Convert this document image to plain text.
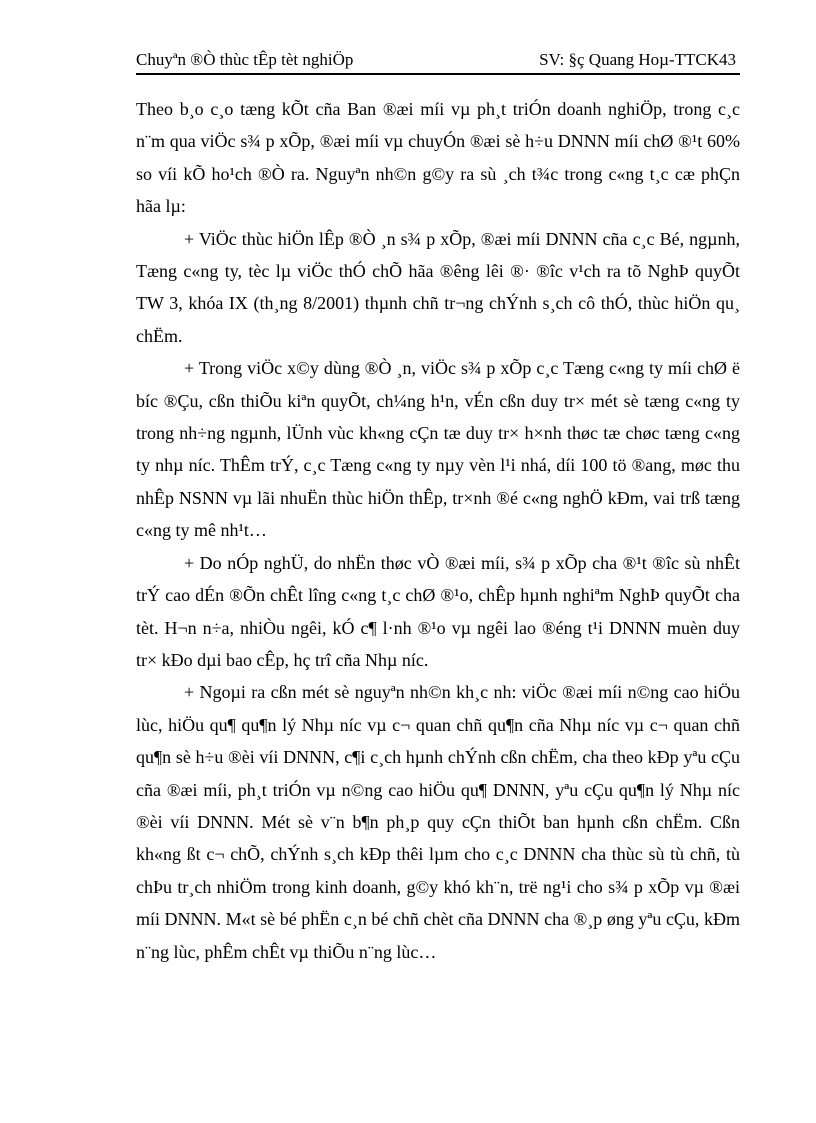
Chuyªn ®Ò thùc tÊp tèt nghiÖp	SV: §ç Quang Hoµ-TTCK43

Theo b¸o c¸o tæng kÕt cña Ban ®æi míi vµ ph¸t triÓn doanh nghiÖp, trong c¸c n¨m qua viÖc s¾ p xÕp, ®æi míi vµ chuyÓn ®æi sè h÷u DNNN míi chØ ®¹t 60% so víi kÕ ho¹ch ®Ò ra. Nguyªn nh©n g©y ra sù ¸ch t¾c trong c«ng t¸c cæ phÇn hãa lµ:

+ ViÖc thùc hiÖn lÊp ®Ò ¸n s¾ p xÕp, ®æi míi DNNN cña c¸c Bé, ngµnh, Tæng c«ng ty, tèc lµ viÖc thÓ chÕ hãa ®êng lêi ®· ®îc v¹ch ra tõ NghÞ quyÕt TW 3, khóa IX (th¸ng 8/2001) thµnh chñ tr¬ng chÝnh s¸ch cô thÓ, thùc hiÖn qu¸ chËm.

+ Trong viÖc x©y dùng ®Ò ¸n, viÖc s¾ p xÕp c¸c Tæng c«ng ty míi chØ ë bíc ®Çu, cßn thiÕu kiªn quyÕt, ch¼ng h¹n, vÉn cßn duy tr× mét sè tæng c«ng ty trong nh÷ng ngµnh, lÜnh vùc kh«ng cÇn tæ duy tr× h×nh thøc tæ chøc tæng c«ng ty nhµ níc. ThÊm trÝ, c¸c Tæng c«ng ty nµy vèn l¹i nhá, díi 100 tö ®ang, møc thu nhÊp NSNN vµ lãi nhuËn thùc hiÖn thÊp, tr×nh ®é c«ng nghÖ kÐm, vai trß tæng c«ng ty mê nh¹t…

+ Do nÓp nghÜ, do nhËn thøc vÒ ®æi míi, s¾ p xÕp cha ®¹t ®îc sù nhÊt trÝ cao dÉn ®Õn chÊt lîng c«ng t¸c chØ ®¹o, chÊp hµnh nghiªm NghÞ quyÕt cha tèt. H¬n n÷a, nhiÒu ngêi, kÓ c¶ l·nh ®¹o vµ ngêi lao ®éng t¹i DNNN muèn duy tr× kÐo dµi bao cÊp, hç trî cña Nhµ níc.

+ Ngoµi ra cßn mét sè nguyªn nh©n kh¸c nh: viÖc ®æi míi n©ng cao hiÖu lùc, hiÖu qu¶ qu¶n lý Nhµ níc vµ c¬ quan chñ qu¶n cña Nhµ níc vµ c¬ quan chñ qu¶n sè h÷u ®èi víi DNNN, c¶i c¸ch hµnh chÝnh cßn chËm, cha theo kÐp yªu cÇu cña ®æi míi, ph¸t triÓn vµ n©ng cao hiÖu qu¶ DNNN, yªu cÇu qu¶n lý Nhµ níc ®èi víi DNNN. Mét sè v¨n b¶n ph¸p quy cÇn thiÕt ban hµnh cßn chËm. Cßn kh«ng ßt c¬ chÕ, chÝnh s¸ch kÐp thêi lµm cho c¸c DNNN cha thùc sù tù chñ, tù chÞu tr¸ch nhiÖm trong kinh doanh, g©y khó kh¨n, trë ng¹i cho s¾ p xÕp vµ ®æi míi DNNN. M«t sè bé phËn c¸n bé chñ chèt cña DNNN cha ®¸p øng yªu cÇu, kÐm n¨ng lùc, phÊm chÊt vµ thiÕu n¨ng lùc…
